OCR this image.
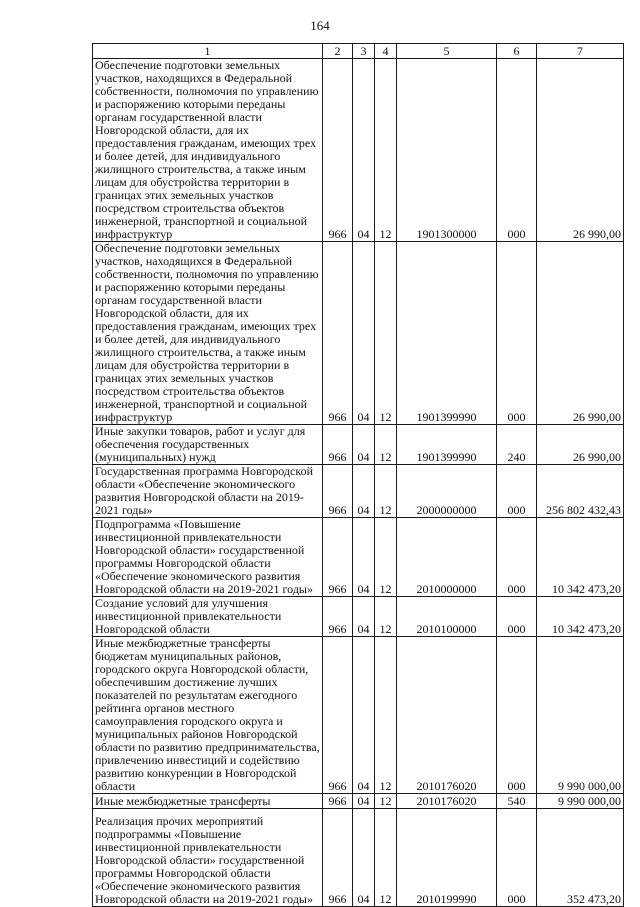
164
1	2	3	4	5	6	7
Обеспечение подготовки земельных участков, находящихся в Федеральной собственности, полномочия по управлению и распоряжению которыми переданы органам государственной власти Новгородской области, для их предоставления гражданам, имеющих трех и более детей, для индивидуального жилищного строительства, а также иным лицам для обустройства территории в границах этих земельных участков посредством строительства объектов инженерной, транспортной и социальной инфраструктур	966	04	12	1901300000	000	26 990,00
Обеспечение подготовки земельных участков, находящихся в Федеральной собственности, полномочия по управлению и распоряжению которыми переданы органам государственной власти Новгородской области, для их предоставления гражданам, имеющих трех и более детей, для индивидуального жилищного строительства, а также иным лицам для обустройства территории в границах этих земельных участков посредством строительства объектов инженерной, транспортной и социальной инфраструктур	966	04	12	1901399990	000	26 990,00
Иные закупки товаров, работ и услуг для обеспечения государственных (муниципальных) нужд	966	04	12	1901399990	240	26 990,00
Государственная программа Новгородской области «Обеспечение экономического развития Новгородской области на 2019-2021 годы»	966	04	12	2000000000	000	256 802 432,43
Подпрограмма «Повышение инвестиционной привлекательности Новгородской области» государственной программы Новгородской области «Обеспечение экономического развития Новгородской области на 2019-2021 годы»	966	04	12	2010000000	000	10 342 473,20
Создание условий для улучшения инвестиционной привлекательности Новгородской области	966	04	12	2010100000	000	10 342 473,20
Иные межбюджетные трансферты бюджетам муниципальных районов, городского округа Новгородской области, обеспечившим достижение лучших показателей по результатам ежегодного рейтинга органов местного самоуправления городского округа и муниципальных районов Новгородской области по развитию предпринимательства, привлечению инвестиций и содействию развитию конкуренции в Новгородской области	966	04	12	2010176020	000	9 990 000,00
Иные межбюджетные трансферты	966	04	12	2010176020	540	9 990 000,00
Реализация прочих мероприятий подпрограммы «Повышение инвестиционной привлекательности Новгородской области» государственной программы Новгородской области «Обеспечение экономического развития Новгородской области на 2019-2021 годы»	966	04	12	2010199990	000	352 473,20
